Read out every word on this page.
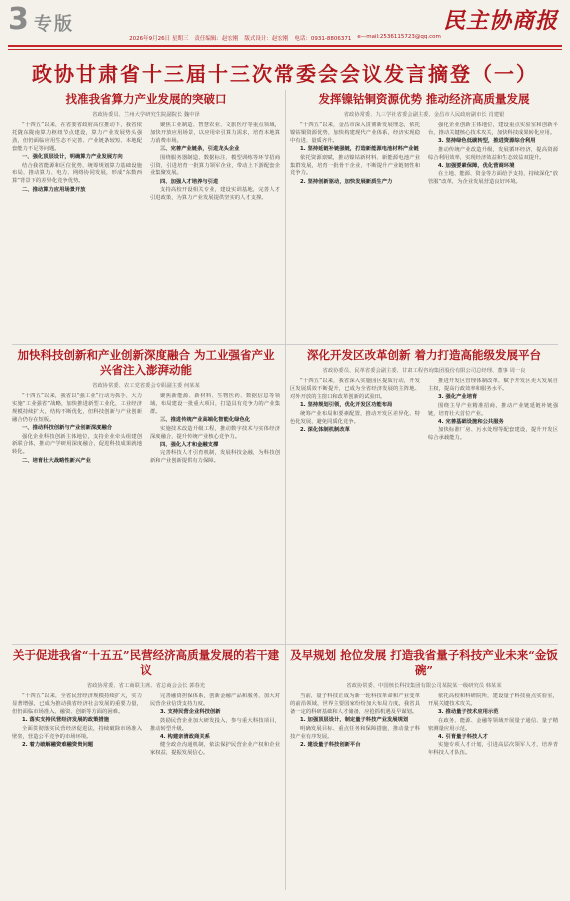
3 专版	民主协商报
2026年9月26日 星期三 责任编辑：赵宏刚 版式设计：赵宏刚 电话：0931-8806371 e—mail:2536115723@qq.com
政协甘肃省十三届十三次常委会会议发言摘登（一）
找准我省算力产业发展的突破口
省政协委员、兰州大学研究生院副院长 魏中泽

“十四五”以来，在省委省政府高位推动下，我省依托陇东陇南算力枢纽节点建设，算力产业发展势头强劲，但仍面临应用生态不完善、产业链条较短、本地配套能力不足等问题。

一、强化顶层设计，明确算力产业发展方向

结合我省能源和区位优势，统筹规划算力基础设施布局，推动算力、电力、网络协同发展，形成“东数西算”背景下的差异化竞争优势。

二、推动算力应用场景开放

聚焦工业制造、智慧农业、文旅医疗等重点领域，加快开放应用场景，以应用牵引算力需求，培育本地算力消费市场。

三、完善产业链条，引进龙头企业

围绕服务器制造、数据标注、模型训练等环节招商引资，引进培育一批算力领军企业，带动上下游配套企业集聚发展。

四、加强人才培养与引进

支持高校开设相关专业，建设实训基地，完善人才引进政策，为算力产业发展提供坚实的人才支撑。

发挥镍钴铜资源优势 推动经济高质量发展
省政协常委、九三学社省委会副主委、金昌市人民政府副市长 肖建银

“十四五”以来，金昌市深入贯彻新发展理念，依托镍钴铜资源优势，加快构建现代产业体系，经济实现稳中有进、量质齐升。

1. 坚持延链补链强链，打造新能源电池材料产业链

依托资源禀赋，推动镍钴新材料、新能源电池产业集群发展，培育一批骨干企业，不断提升产业链韧性和竞争力。

2. 坚持创新驱动，加快发展新质生产力

强化企业创新主体地位，建设重点实验室和创新平台，推动关键核心技术攻关，加快科技成果转化应用。

3. 坚持绿色低碳转型，推进资源综合利用

推动传统产业改造升级，发展循环经济，提高资源综合利用效率，实现经济效益和生态效益双提升。

4. 加强要素保障，优化营商环境

在土地、能源、资金等方面给予支持，持续深化“放管服”改革，为企业发展营造良好环境。

加快科技创新和产业创新深度融合 为工业强省产业兴省注入澎湃动能
省政协常委、农工党省委会专职副主委 何某某

“十四五”以来，我省以“强工业”行动为抓手，大力实施“工业强省”战略，加快推进新型工业化，工业经济规模持续扩大，结构不断优化，但科技创新与产业创新融合仍存在短板。

一、推动科技创新与产业创新深度融合

强化企业科技创新主体地位，支持企业牵头组建创新联合体，推动产学研用深度融合，促进科技成果就地转化。

二、培育壮大战略性新兴产业

聚焦新能源、新材料、生物医药、数据信息等领域，布局建设一批重大项目，打造具有竞争力的产业集群。

三、推进传统产业高端化智能化绿色化

实施技术改造升级工程，推动数字技术与实体经济深度融合，提升传统产业核心竞争力。

四、强化人才和金融支撑

完善科技人才引育机制，发展科技金融，为科技创新和产业创新提供有力保障。

深化开发区改革创新 着力打造高能级发展平台
省政协委员、民革省委会副主委、甘肃工程咨询集团股份有限公司总经理、董事 周一良

“十四五”以来，我省深入实施园区提质行动，开发区发展质效不断提升，已成为全省经济发展的主阵地、对外开放的主窗口和改革创新的试验田。

1. 坚持规划引领，优化开发区功能布局

统筹产业布局和要素配置，推动开发区差异化、特色化发展，避免同质化竞争。

2. 深化体制机制改革

推进开发区管理体制改革，赋予开发区更大发展自主权，提高行政效率和服务水平。

3. 强化产业培育

围绕主导产业精准招商，推动产业链延链补链强链，培育壮大首位产业。

4. 完善基础设施和公共服务

加快标准厂房、污水处理等配套建设，提升开发区综合承载能力。

关于促进我省“十五五”民营经济高质量发展的若干建议
省政协常委、省工商联主席、省总商会会长 郭春光

“十四五”以来，全省民营经济规模持续扩大，实力显著增强，已成为推动我省经济社会发展的重要力量，但仍面临市场准入、融资、创新等方面的困难。

1. 落实支持民营经济发展的政策措施

全面贯彻落实民营经济促进法，持续破除市场准入壁垒，营造公平竞争的市场环境。

2. 着力破解融资难融资贵问题

完善融资担保体系，创新金融产品和服务，加大对民营企业信贷支持力度。

3. 支持民营企业科技创新

鼓励民营企业加大研发投入，参与重大科技项目，推动转型升级。

4. 构建亲清政商关系

健全政企沟通机制，依法保护民营企业产权和企业家权益，提振发展信心。

及早规划 抢位发展 打造我省量子科技产业未来“金饭碗”
省政协常委、中国核长科技集团有限公司某院某一级研究员 韩某某

当前，量子科技正成为新一轮科技革命和产业变革的前沿领域，世界主要国家纷纷加大布局力度。我省具备一定的科研基础和人才储备，应抢抓机遇及早谋划。

1. 加强顶层设计，制定量子科技产业发展规划

明确发展目标、重点任务和保障措施，推动量子科技产业有序发展。

2. 建设量子科技创新平台

依托高校和科研院所，建设量子科技重点实验室，开展关键技术攻关。

3. 推动量子技术应用示范

在政务、能源、金融等领域开展量子通信、量子精密测量应用示范。

4. 引育量子科技人才

实施专项人才计划，引进高层次领军人才，培养青年科技人才队伍。
